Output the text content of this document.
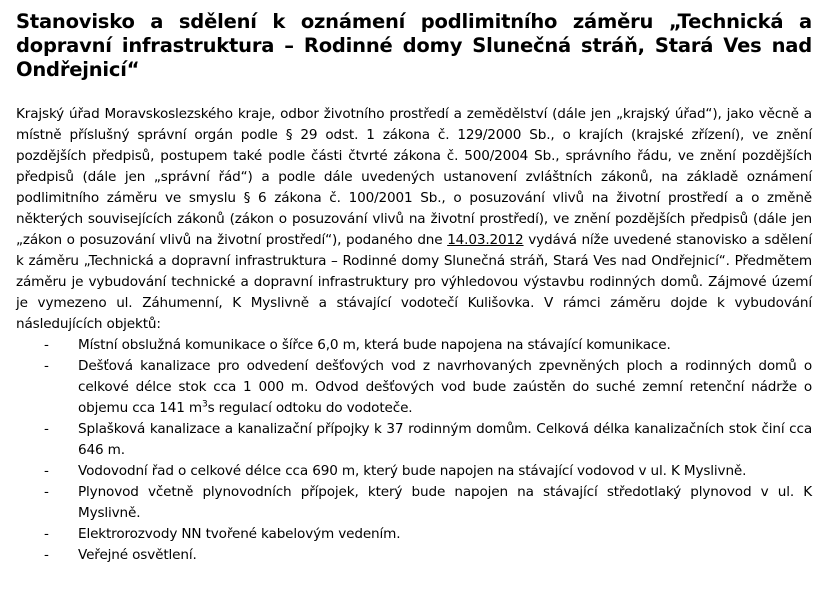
Stanovisko a sdělení k oznámení podlimitního záměru „Technická a dopravní infrastruktura – Rodinné domy Slunečná stráň, Stará Ves nad Ondřejnicí“

Krajský úřad Moravskoslezského kraje, odbor životního prostředí a zemědělství (dále jen „krajský úřad“), jako věcně a místně příslušný správní orgán podle § 29 odst. 1 zákona č. 129/2000 Sb., o krajích (krajské zřízení), ve znění pozdějších předpisů, postupem také podle části čtvrté zákona č. 500/2004 Sb., správního řádu, ve znění pozdějších předpisů (dále jen „správní řád“) a podle dále uvedených ustanovení zvláštních zákonů, na základě oznámení podlimitního záměru ve smyslu § 6 zákona č. 100/2001 Sb., o posuzování vlivů na životní prostředí a o změně některých souvisejících zákonů (zákon o posuzování vlivů na životní prostředí), ve znění pozdějších předpisů (dále jen „zákon o posuzování vlivů na životní prostředí“), podaného dne 14.03.2012 vydává níže uvedené stanovisko a sdělení k záměru „Technická a dopravní infrastruktura – Rodinné domy Slunečná stráň, Stará Ves nad Ondřejnicí“. Předmětem záměru je vybudování technické a dopravní infrastruktury pro výhledovou výstavbu rodinných domů. Zájmové území je vymezeno ul. Záhumenní, K Myslivně a stávající vodotečí Kulišovka. V rámci záměru dojde k vybudování následujících objektů:

- Místní obslužná komunikace o šířce 6,0 m, která bude napojena na stávající komunikace.
- Dešťová kanalizace pro odvedení dešťových vod z navrhovaných zpevněných ploch a rodinných domů o celkové délce stok cca 1 000 m. Odvod dešťových vod bude zaústěn do suché zemní retenční nádrže o objemu cca 141 $m^3s$ regulací odtoku do vodoteče.
- Splašková kanalizace a kanalizační přípojky k 37 rodinným domům. Celková délka kanalizačních stok činí cca 646 m.
- Vodovodní řad o celkové délce cca 690 m, který bude napojen na stávající vodovod v ul. K Myslivně.
- Plynovod včetně plynovodních přípojek, který bude napojen na stávající středotlaký plynovod v ul. K Myslivně.
- Elektrorozvody NN tvořené kabelovým vedením.
- Veřejné osvětlení.
